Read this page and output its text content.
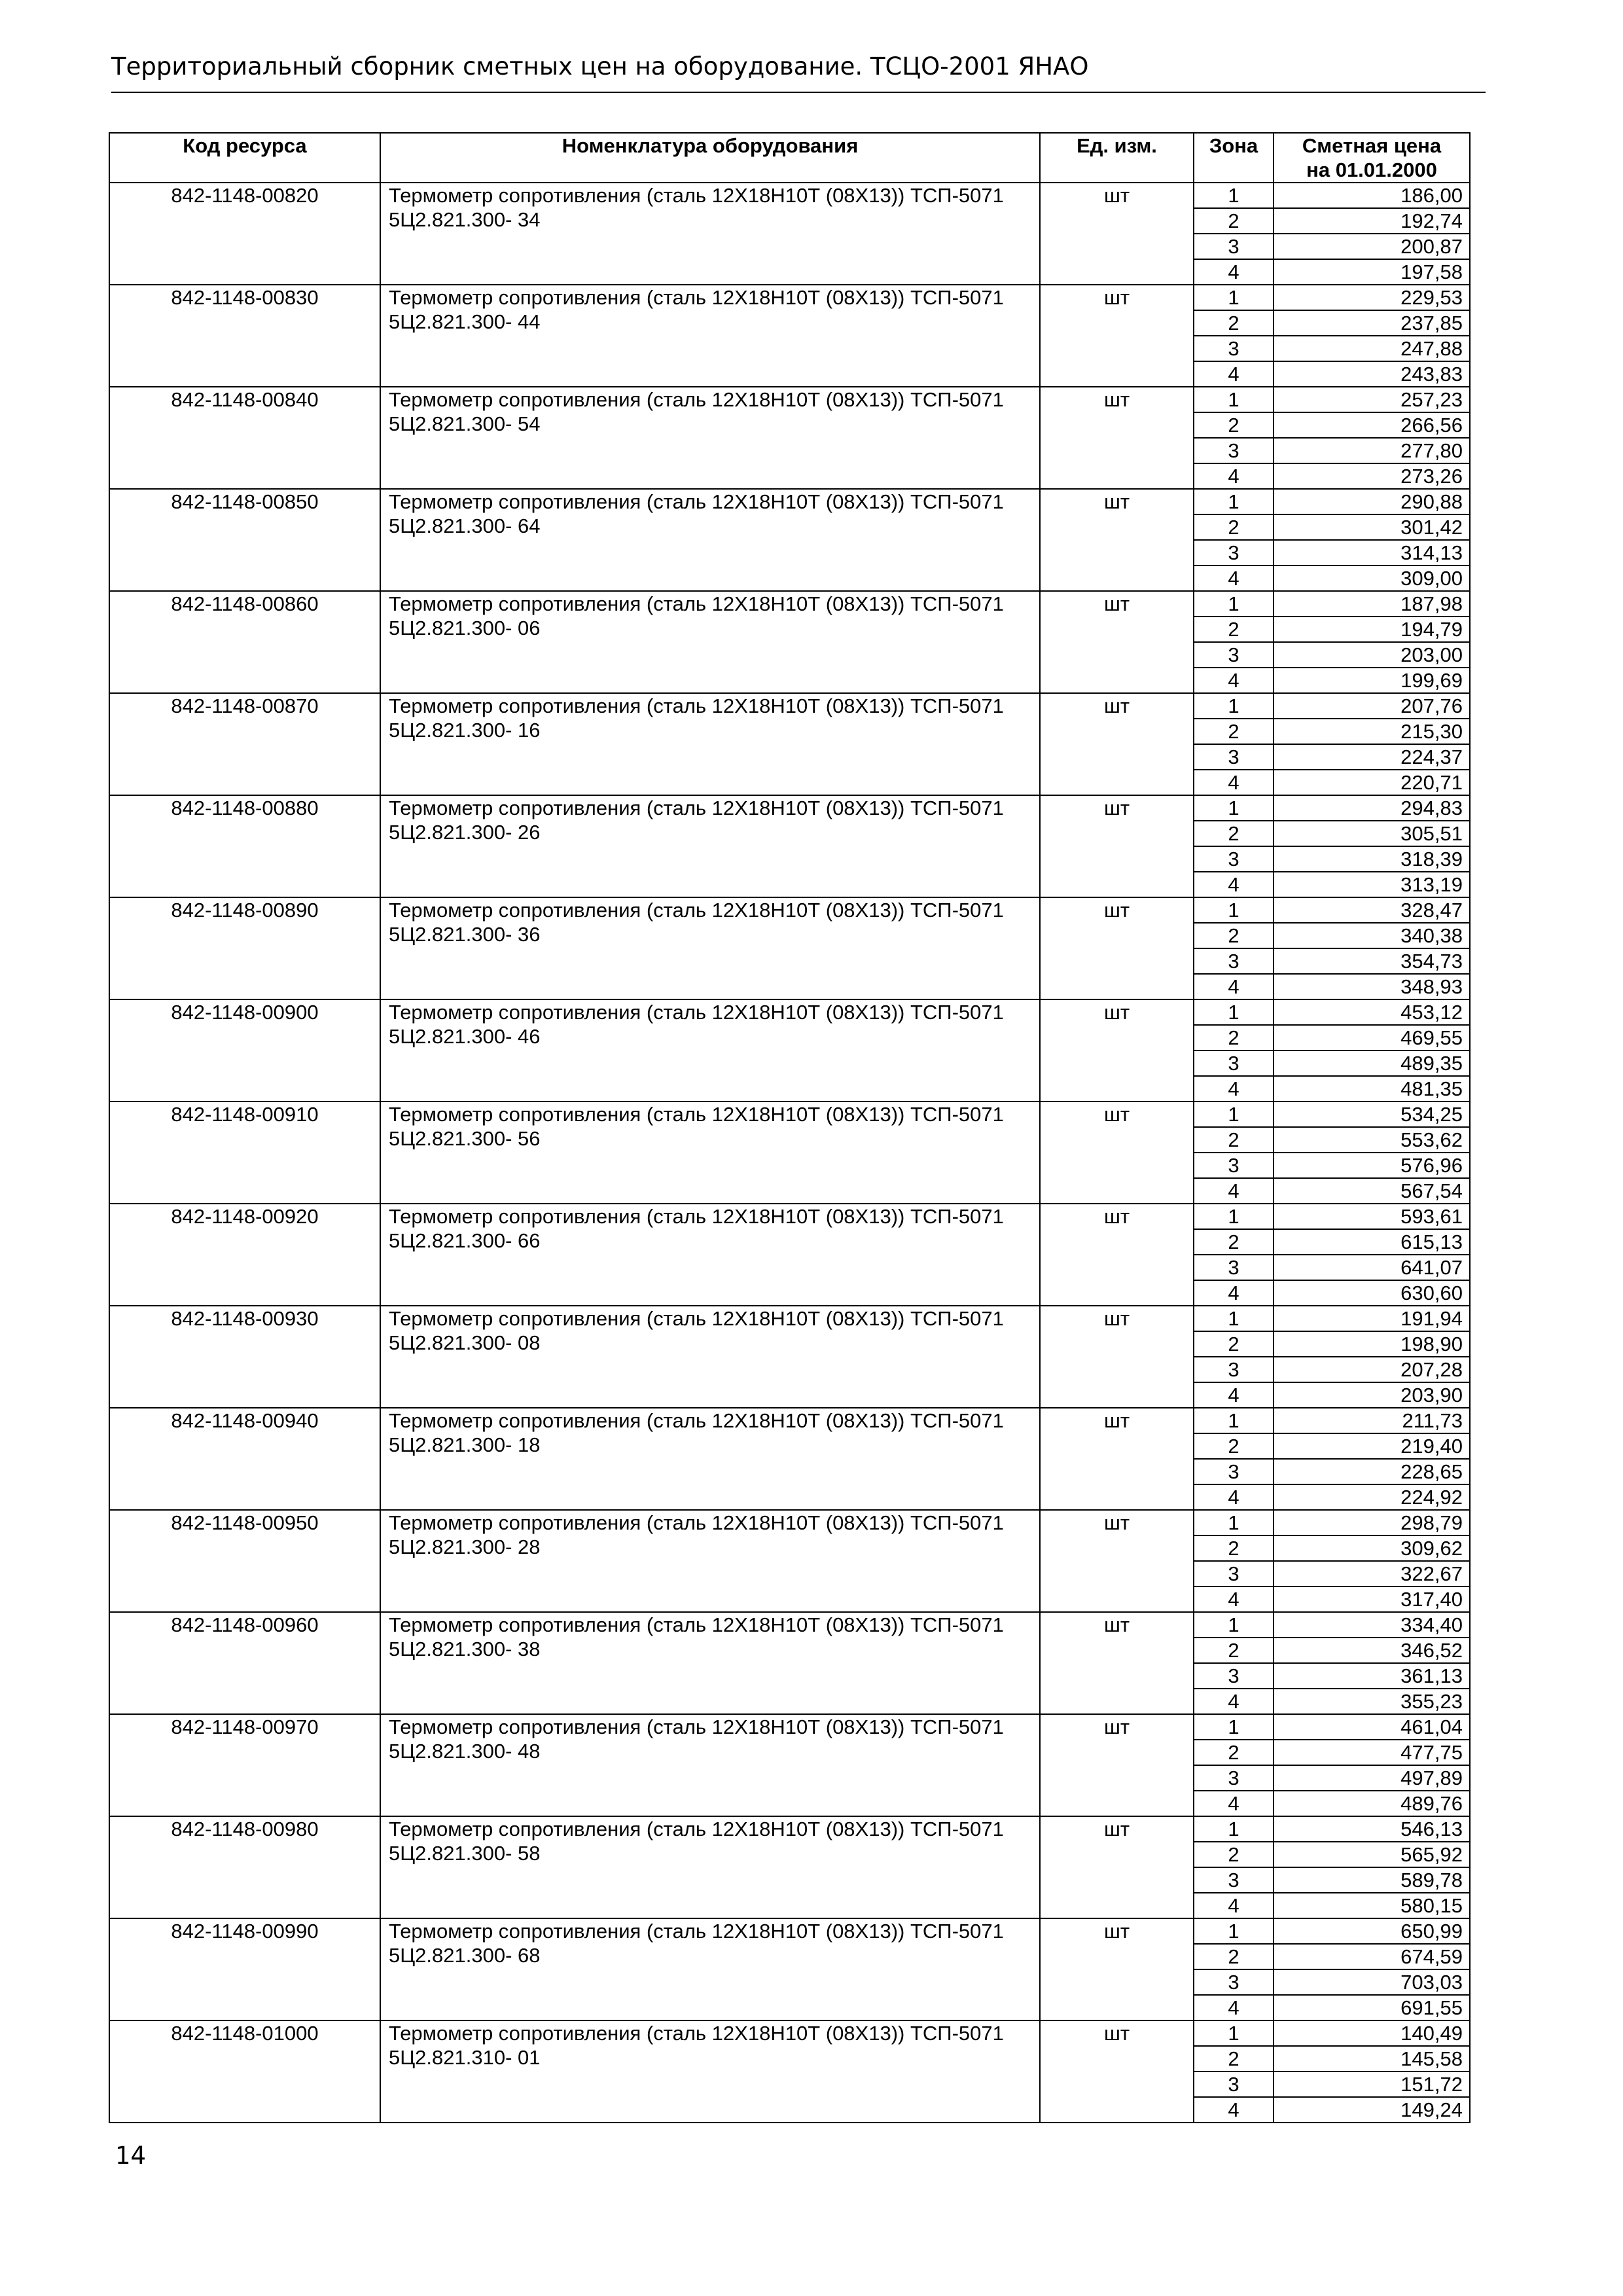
Территориальный сборник сметных цен на оборудование. ТСЦО-2001 ЯНАО
Код ресурса	Номенклатура оборудования	Ед. изм.	Зона	Сметная цена
на 01.01.2000
842-1148-00820	Термометр сопротивления (сталь 12Х18Н10Т (08Х13)) ТСП-5071 5Ц2.821.300- 34	шт	1	186,00
			2	192,74
			3	200,87
			4	197,58
842-1148-00830	Термометр сопротивления (сталь 12Х18Н10Т (08Х13)) ТСП-5071 5Ц2.821.300- 44	шт	1	229,53
			2	237,85
			3	247,88
			4	243,83
842-1148-00840	Термометр сопротивления (сталь 12Х18Н10Т (08Х13)) ТСП-5071 5Ц2.821.300- 54	шт	1	257,23
			2	266,56
			3	277,80
			4	273,26
842-1148-00850	Термометр сопротивления (сталь 12Х18Н10Т (08Х13)) ТСП-5071 5Ц2.821.300- 64	шт	1	290,88
			2	301,42
			3	314,13
			4	309,00
842-1148-00860	Термометр сопротивления (сталь 12Х18Н10Т (08Х13)) ТСП-5071 5Ц2.821.300- 06	шт	1	187,98
			2	194,79
			3	203,00
			4	199,69
842-1148-00870	Термометр сопротивления (сталь 12Х18Н10Т (08Х13)) ТСП-5071 5Ц2.821.300- 16	шт	1	207,76
			2	215,30
			3	224,37
			4	220,71
842-1148-00880	Термометр сопротивления (сталь 12Х18Н10Т (08Х13)) ТСП-5071 5Ц2.821.300- 26	шт	1	294,83
			2	305,51
			3	318,39
			4	313,19
842-1148-00890	Термометр сопротивления (сталь 12Х18Н10Т (08Х13)) ТСП-5071 5Ц2.821.300- 36	шт	1	328,47
			2	340,38
			3	354,73
			4	348,93
842-1148-00900	Термометр сопротивления (сталь 12Х18Н10Т (08Х13)) ТСП-5071 5Ц2.821.300- 46	шт	1	453,12
			2	469,55
			3	489,35
			4	481,35
842-1148-00910	Термометр сопротивления (сталь 12Х18Н10Т (08Х13)) ТСП-5071 5Ц2.821.300- 56	шт	1	534,25
			2	553,62
			3	576,96
			4	567,54
842-1148-00920	Термометр сопротивления (сталь 12Х18Н10Т (08Х13)) ТСП-5071 5Ц2.821.300- 66	шт	1	593,61
			2	615,13
			3	641,07
			4	630,60
842-1148-00930	Термометр сопротивления (сталь 12Х18Н10Т (08Х13)) ТСП-5071 5Ц2.821.300- 08	шт	1	191,94
			2	198,90
			3	207,28
			4	203,90
842-1148-00940	Термометр сопротивления (сталь 12Х18Н10Т (08Х13)) ТСП-5071 5Ц2.821.300- 18	шт	1	211,73
			2	219,40
			3	228,65
			4	224,92
842-1148-00950	Термометр сопротивления (сталь 12Х18Н10Т (08Х13)) ТСП-5071 5Ц2.821.300- 28	шт	1	298,79
			2	309,62
			3	322,67
			4	317,40
842-1148-00960	Термометр сопротивления (сталь 12Х18Н10Т (08Х13)) ТСП-5071 5Ц2.821.300- 38	шт	1	334,40
			2	346,52
			3	361,13
			4	355,23
842-1148-00970	Термометр сопротивления (сталь 12Х18Н10Т (08Х13)) ТСП-5071 5Ц2.821.300- 48	шт	1	461,04
			2	477,75
			3	497,89
			4	489,76
842-1148-00980	Термометр сопротивления (сталь 12Х18Н10Т (08Х13)) ТСП-5071 5Ц2.821.300- 58	шт	1	546,13
			2	565,92
			3	589,78
			4	580,15
842-1148-00990	Термометр сопротивления (сталь 12Х18Н10Т (08Х13)) ТСП-5071 5Ц2.821.300- 68	шт	1	650,99
			2	674,59
			3	703,03
			4	691,55
842-1148-01000	Термометр сопротивления (сталь 12Х18Н10Т (08Х13)) ТСП-5071 5Ц2.821.310- 01	шт	1	140,49
			2	145,58
			3	151,72
			4	149,24
14
